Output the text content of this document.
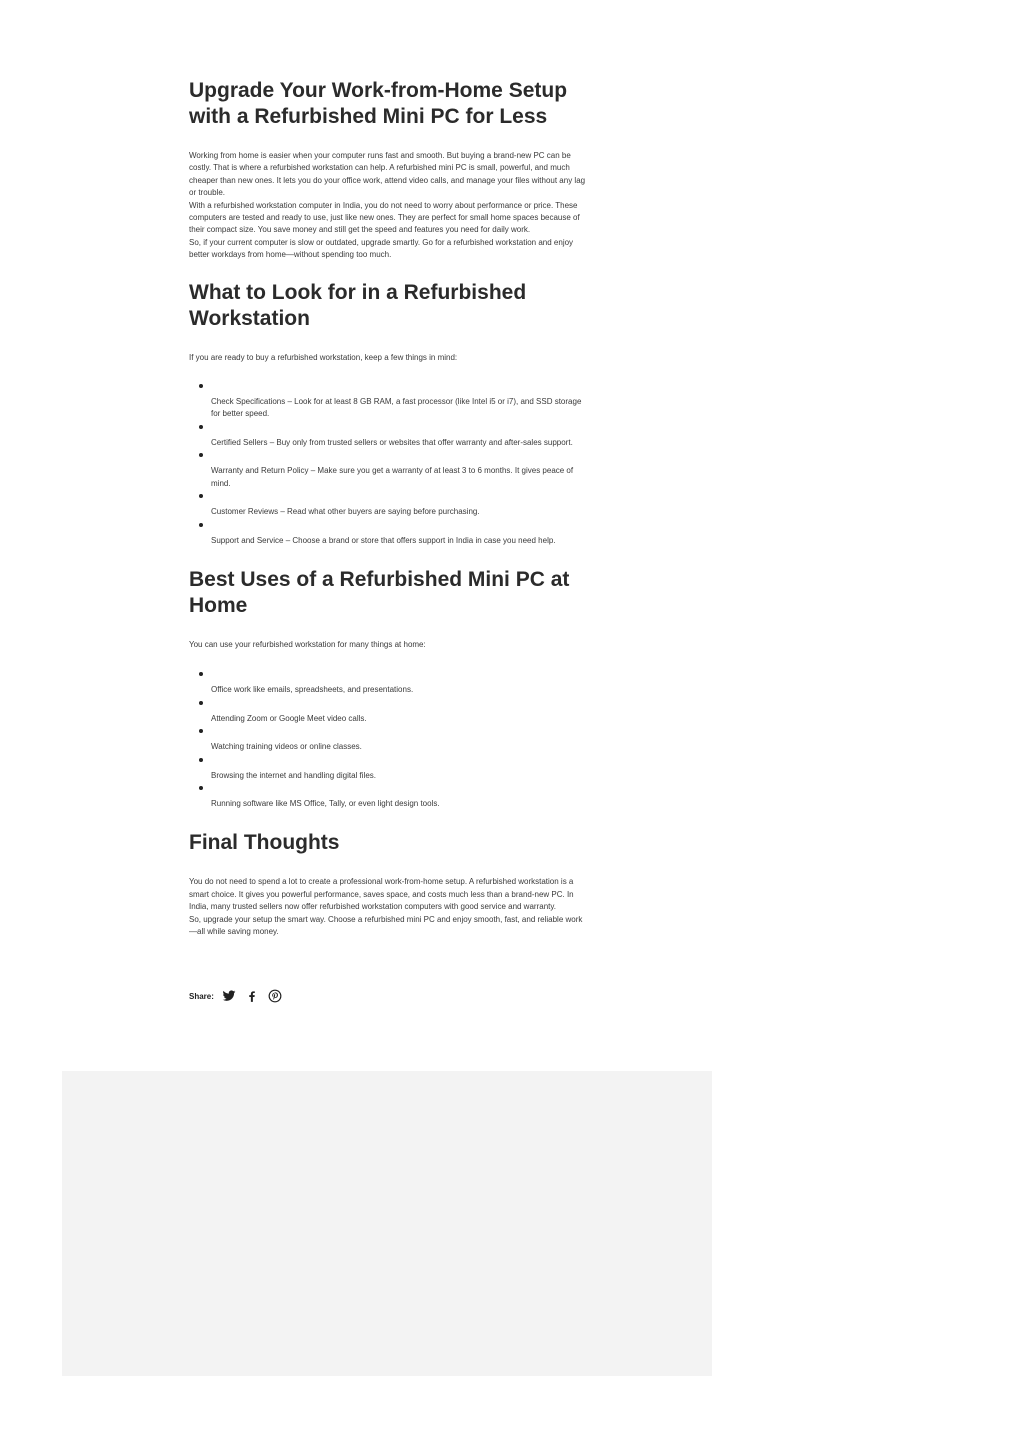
Upgrade Your Work-from-Home Setup with a Refurbished Mini PC for Less

Working from home is easier when your computer runs fast and smooth. But buying a brand-new PC can be costly. That is where a refurbished workstation can help. A refurbished mini PC is small, powerful, and much cheaper than new ones. It lets you do your office work, attend video calls, and manage your files without any lag or trouble.

With a refurbished workstation computer in India, you do not need to worry about performance or price. These computers are tested and ready to use, just like new ones. They are perfect for small home spaces because of their compact size. You save money and still get the speed and features you need for daily work.

So, if your current computer is slow or outdated, upgrade smartly. Go for a refurbished workstation and enjoy better workdays from home—without spending too much.

What to Look for in a Refurbished Workstation

If you are ready to buy a refurbished workstation, keep a few things in mind:

Check Specifications – Look for at least 8 GB RAM, a fast processor (like Intel i5 or i7), and SSD storage for better speed.
Certified Sellers – Buy only from trusted sellers or websites that offer warranty and after-sales support.
Warranty and Return Policy – Make sure you get a warranty of at least 3 to 6 months. It gives peace of mind.
Customer Reviews – Read what other buyers are saying before purchasing.
Support and Service – Choose a brand or store that offers support in India in case you need help.
Best Uses of a Refurbished Mini PC at Home

You can use your refurbished workstation for many things at home:

Office work like emails, spreadsheets, and presentations.
Attending Zoom or Google Meet video calls.
Watching training videos or online classes.
Browsing the internet and handling digital files.
Running software like MS Office, Tally, or even light design tools.
Final Thoughts

You do not need to spend a lot to create a professional work-from-home setup. A refurbished workstation is a smart choice. It gives you powerful performance, saves space, and costs much less than a brand-new PC. In India, many trusted sellers now offer refurbished workstation computers with good service and warranty.

So, upgrade your setup the smart way. Choose a refurbished mini PC and enjoy smooth, fast, and reliable work—all while saving money.

Share:
